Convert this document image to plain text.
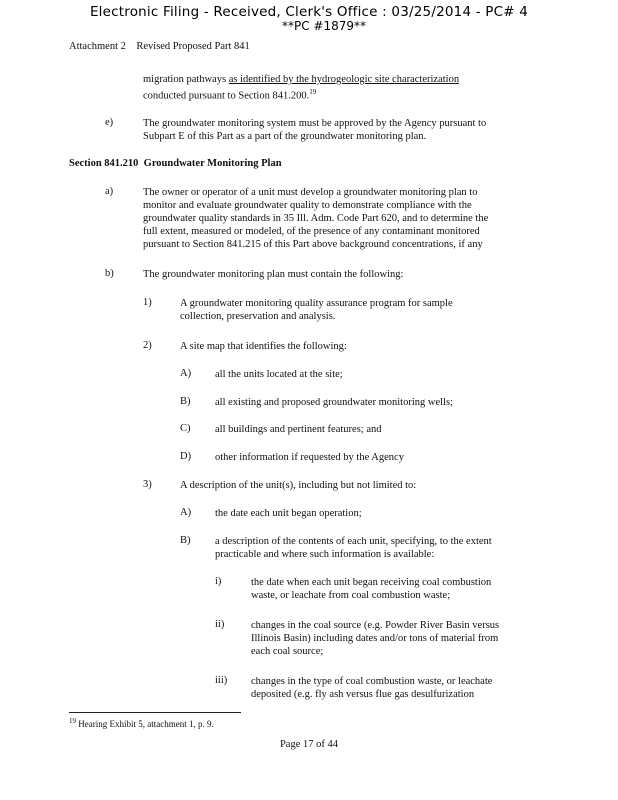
Electronic Filing - Received, Clerk's Office : 03/25/2014 - PC# 4
**PC #1879**
Attachment 2    Revised Proposed Part 841
migration pathways as identified by the hydrogeologic site characterization
conducted pursuant to Section 841.200.19
e)	The groundwater monitoring system must be approved by the Agency pursuant to
Subpart E of this Part as a part of the groundwater monitoring plan.
Section 841.210 Groundwater Monitoring Plan
a)	The owner or operator of a unit must develop a groundwater monitoring plan to
monitor and evaluate groundwater quality to demonstrate compliance with the
groundwater quality standards in 35 Ill. Adm. Code Part 620, and to determine the
full extent, measured or modeled, of the presence of any contaminant monitored
pursuant to Section 841.215 of this Part above background concentrations, if any
b)	The groundwater monitoring plan must contain the following:
1)	A groundwater monitoring quality assurance program for sample
collection, preservation and analysis.
2)	A site map that identifies the following:
A) all the units located at the site;
B) all existing and proposed groundwater monitoring wells;
C) all buildings and pertinent features; and
D) other information if requested by the Agency
3)	A description of the unit(s), including but not limited to:
A) the date each unit began operation;
B) a description of the contents of each unit, specifying, to the extent
practicable and where such information is available:
i)	the date when each unit began receiving coal combustion
waste, or leachate from coal combustion waste;
ii)	changes in the coal source (e.g. Powder River Basin versus
Illinois Basin) including dates and/or tons of material from
each coal source;
iii) changes in the type of coal combustion waste, or leachate
deposited (e.g. fly ash versus flue gas desulfurization
$^{19}$ Hearing Exhibit 5, attachment 1, p. 9.
Page 17 of 44
